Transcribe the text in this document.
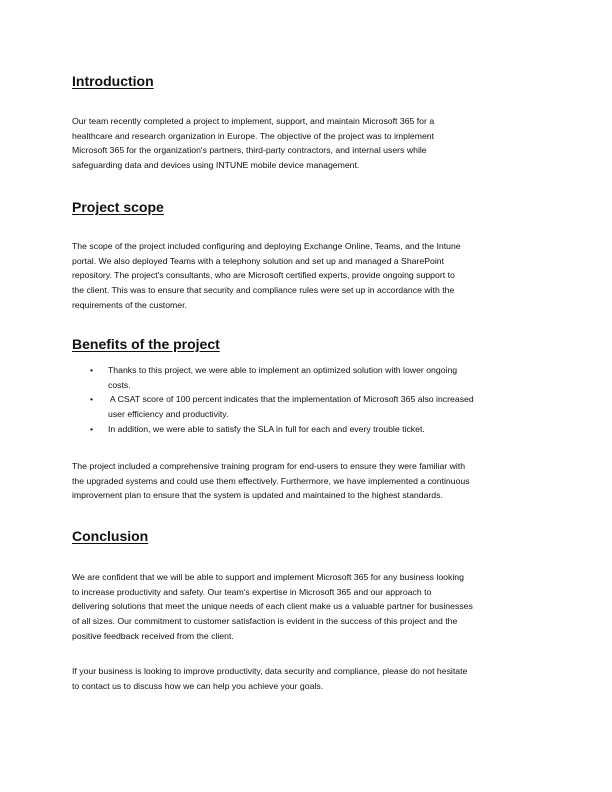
Introduction
Our team recently completed a project to implement, support, and maintain Microsoft 365 for a
healthcare and research organization in Europe. The objective of the project was to implement
Microsoft 365 for the organization's partners, third-party contractors, and internal users while
safeguarding data and devices using INTUNE mobile device management.
Project scope
The scope of the project included configuring and deploying Exchange Online, Teams, and the Intune
portal. We also deployed Teams with a telephony solution and set up and managed a SharePoint
repository. The project's consultants, who are Microsoft certified experts, provide ongoing support to
the client. This was to ensure that security and compliance rules were set up in accordance with the
requirements of the customer.
Benefits of the project
• Thanks to this project, we were able to implement an optimized solution with lower ongoing
costs.
• A CSAT score of 100 percent indicates that the implementation of Microsoft 365 also increased
user efficiency and productivity.
• In addition, we were able to satisfy the SLA in full for each and every trouble ticket.
The project included a comprehensive training program for end-users to ensure they were familiar with
the upgraded systems and could use them effectively. Furthermore, we have implemented a continuous
improvement plan to ensure that the system is updated and maintained to the highest standards.
Conclusion
We are confident that we will be able to support and implement Microsoft 365 for any business looking
to increase productivity and safety. Our team's expertise in Microsoft 365 and our approach to
delivering solutions that meet the unique needs of each client make us a valuable partner for businesses
of all sizes. Our commitment to customer satisfaction is evident in the success of this project and the
positive feedback received from the client.
If your business is looking to improve productivity, data security and compliance, please do not hesitate
to contact us to discuss how we can help you achieve your goals.
